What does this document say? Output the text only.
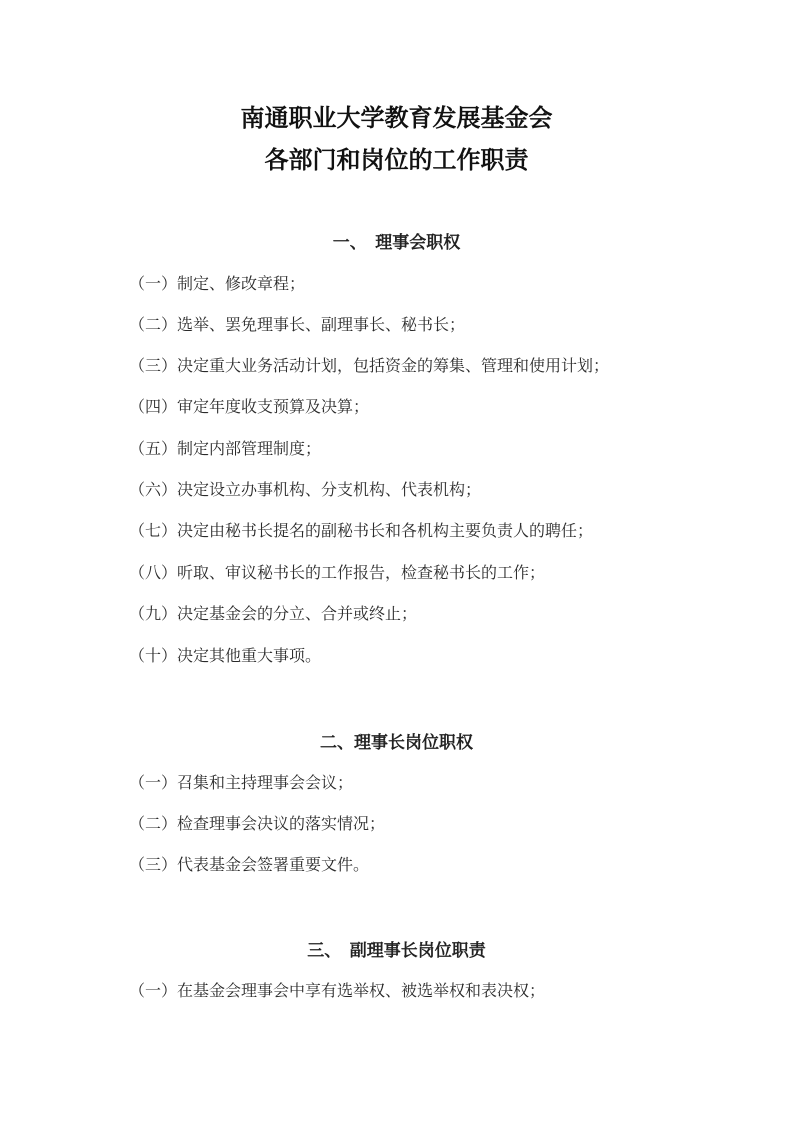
南通职业大学教育发展基金会
各部门和岗位的工作职责
一、　理事会职权
（一）制定、修改章程；
（二）选举、罢免理事长、副理事长、秘书长；
（三）决定重大业务活动计划，包括资金的筹集、管理和使用计划；
（四）审定年度收支预算及决算；
（五）制定内部管理制度；
（六）决定设立办事机构、分支机构、代表机构；
（七）决定由秘书长提名的副秘书长和各机构主要负责人的聘任；
（八）听取、审议秘书长的工作报告，检查秘书长的工作；
（九）决定基金会的分立、合并或终止；
（十）决定其他重大事项。
二、理事长岗位职权
（一）召集和主持理事会会议；
（二）检查理事会决议的落实情况；
（三）代表基金会签署重要文件。
三、　副理事长岗位职责
（一）在基金会理事会中享有选举权、被选举权和表决权；
